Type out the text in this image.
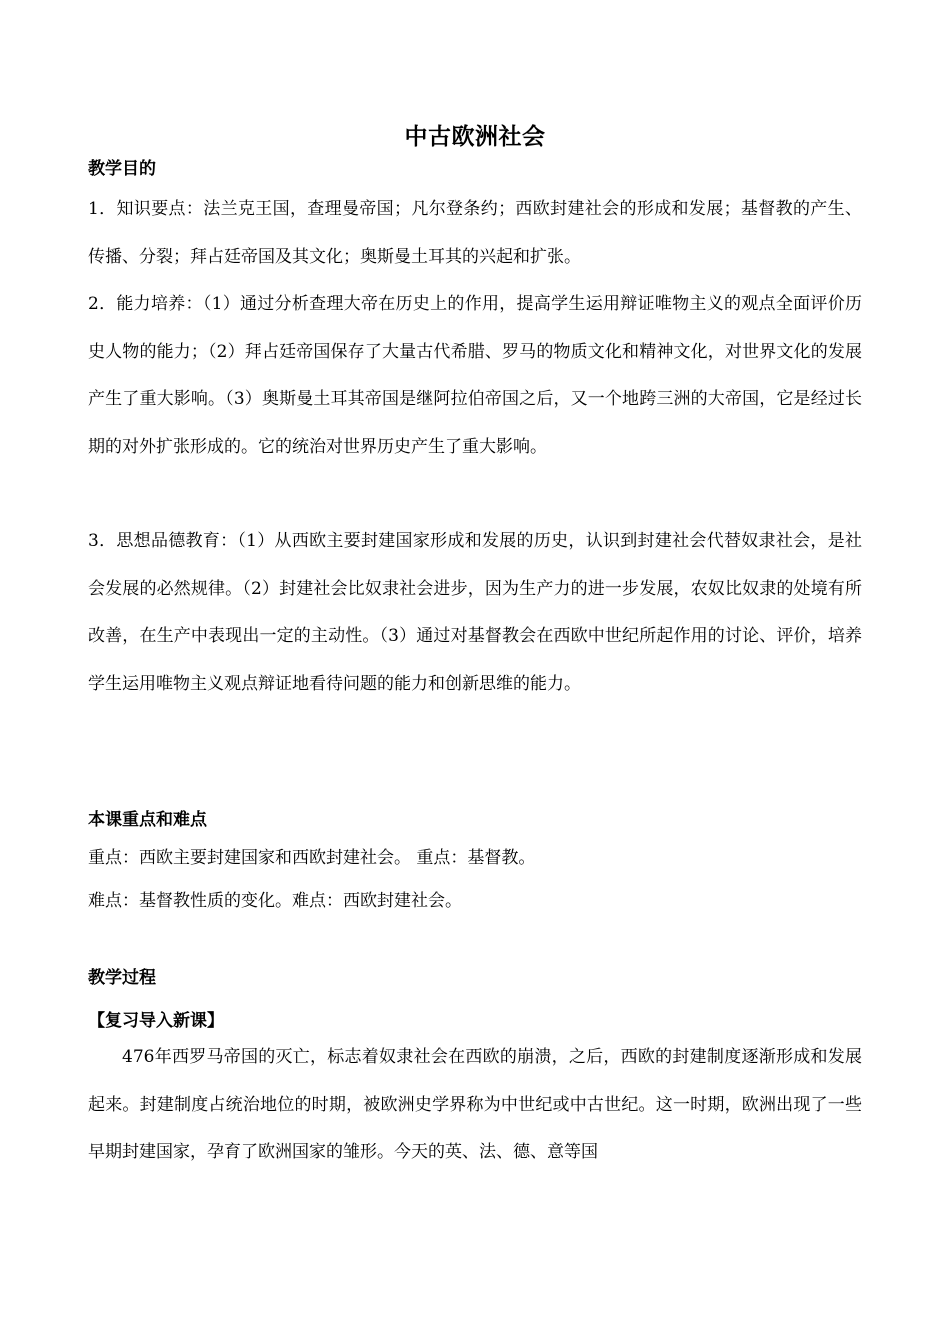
中古欧洲社会
教学目的
1．知识要点：法兰克王国，查理曼帝国；凡尔登条约；西欧封建社会的形成和发展；基督教的产生、传播、分裂；拜占廷帝国及其文化；奥斯曼土耳其的兴起和扩张。
2．能力培养：（1）通过分析查理大帝在历史上的作用，提高学生运用辩证唯物主义的观点全面评价历史人物的能力；（2）拜占廷帝国保存了大量古代希腊、罗马的物质文化和精神文化，对世界文化的发展产生了重大影响。（3）奥斯曼土耳其帝国是继阿拉伯帝国之后，又一个地跨三洲的大帝国，它是经过长期的对外扩张形成的。它的统治对世界历史产生了重大影响。
3．思想品德教育：（1）从西欧主要封建国家形成和发展的历史，认识到封建社会代替奴隶社会，是社会发展的必然规律。（2）封建社会比奴隶社会进步，因为生产力的进一步发展，农奴比奴隶的处境有所改善，在生产中表现出一定的主动性。（3）通过对基督教会在西欧中世纪所起作用的讨论、评价，培养学生运用唯物主义观点辩证地看待问题的能力和创新思维的能力。
本课重点和难点
重点：西欧主要封建国家和西欧封建社会。 重点：基督教。
难点：基督教性质的变化。难点：西欧封建社会。
教学过程
【复习导入新课】
476年西罗马帝国的灭亡，标志着奴隶社会在西欧的崩溃，之后，西欧的封建制度逐渐形成和发展起来。封建制度占统治地位的时期，被欧洲史学界称为中世纪或中古世纪。这一时期，欧洲出现了一些早期封建国家，孕育了欧洲国家的雏形。今天的英、法、德、意等国
